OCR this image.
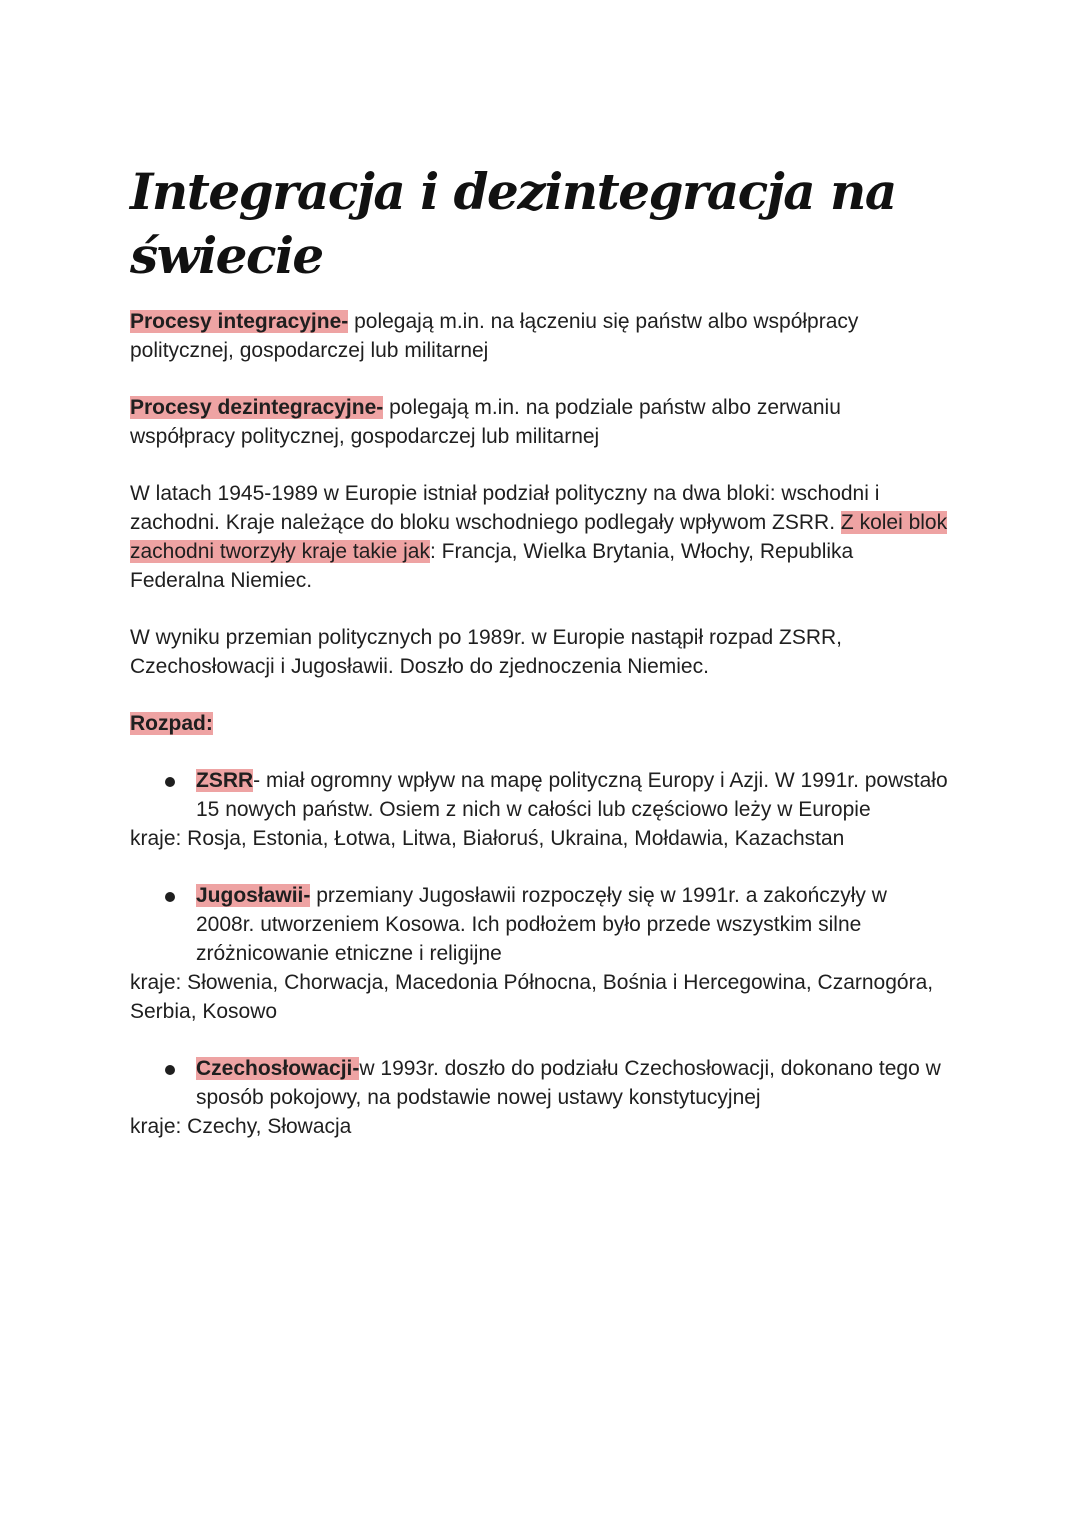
Integracja i dezintegracja na świecie

Procesy integracyjne- polegają m.in. na łączeniu się państw albo współpracy politycznej, gospodarczej lub militarnej

Procesy dezintegracyjne- polegają m.in. na podziale państw albo zerwaniu współpracy politycznej, gospodarczej lub militarnej

W latach 1945-1989 w Europie istniał podział polityczny na dwa bloki: wschodni i zachodni. Kraje należące do bloku wschodniego podlegały wpływom ZSRR. Z kolei blok zachodni tworzyły kraje takie jak: Francja, Wielka Brytania, Włochy, Republika Federalna Niemiec.

W wyniku przemian politycznych po 1989r. w Europie nastąpił rozpad ZSRR, Czechosłowacji i Jugosławii. Doszło do zjednoczenia Niemiec.

Rozpad:

ZSRR- miał ogromny wpływ na mapę polityczną Europy i Azji. W 1991r. powstało 15 nowych państw. Osiem z nich w całości lub częściowo leży w Europie

kraje: Rosja, Estonia, Łotwa, Litwa, Białoruś, Ukraina, Mołdawia, Kazachstan

Jugosławii- przemiany Jugosławii rozpoczęły się w 1991r. a zakończyły w 2008r. utworzeniem Kosowa. Ich podłożem było przede wszystkim silne zróżnicowanie etniczne i religijne

kraje: Słowenia, Chorwacja, Macedonia Północna, Bośnia i Hercegowina, Czarnogóra, Serbia, Kosowo

Czechosłowacji-w 1993r. doszło do podziału Czechosłowacji, dokonano tego w sposób pokojowy, na podstawie nowej ustawy konstytucyjnej

kraje: Czechy, Słowacja
